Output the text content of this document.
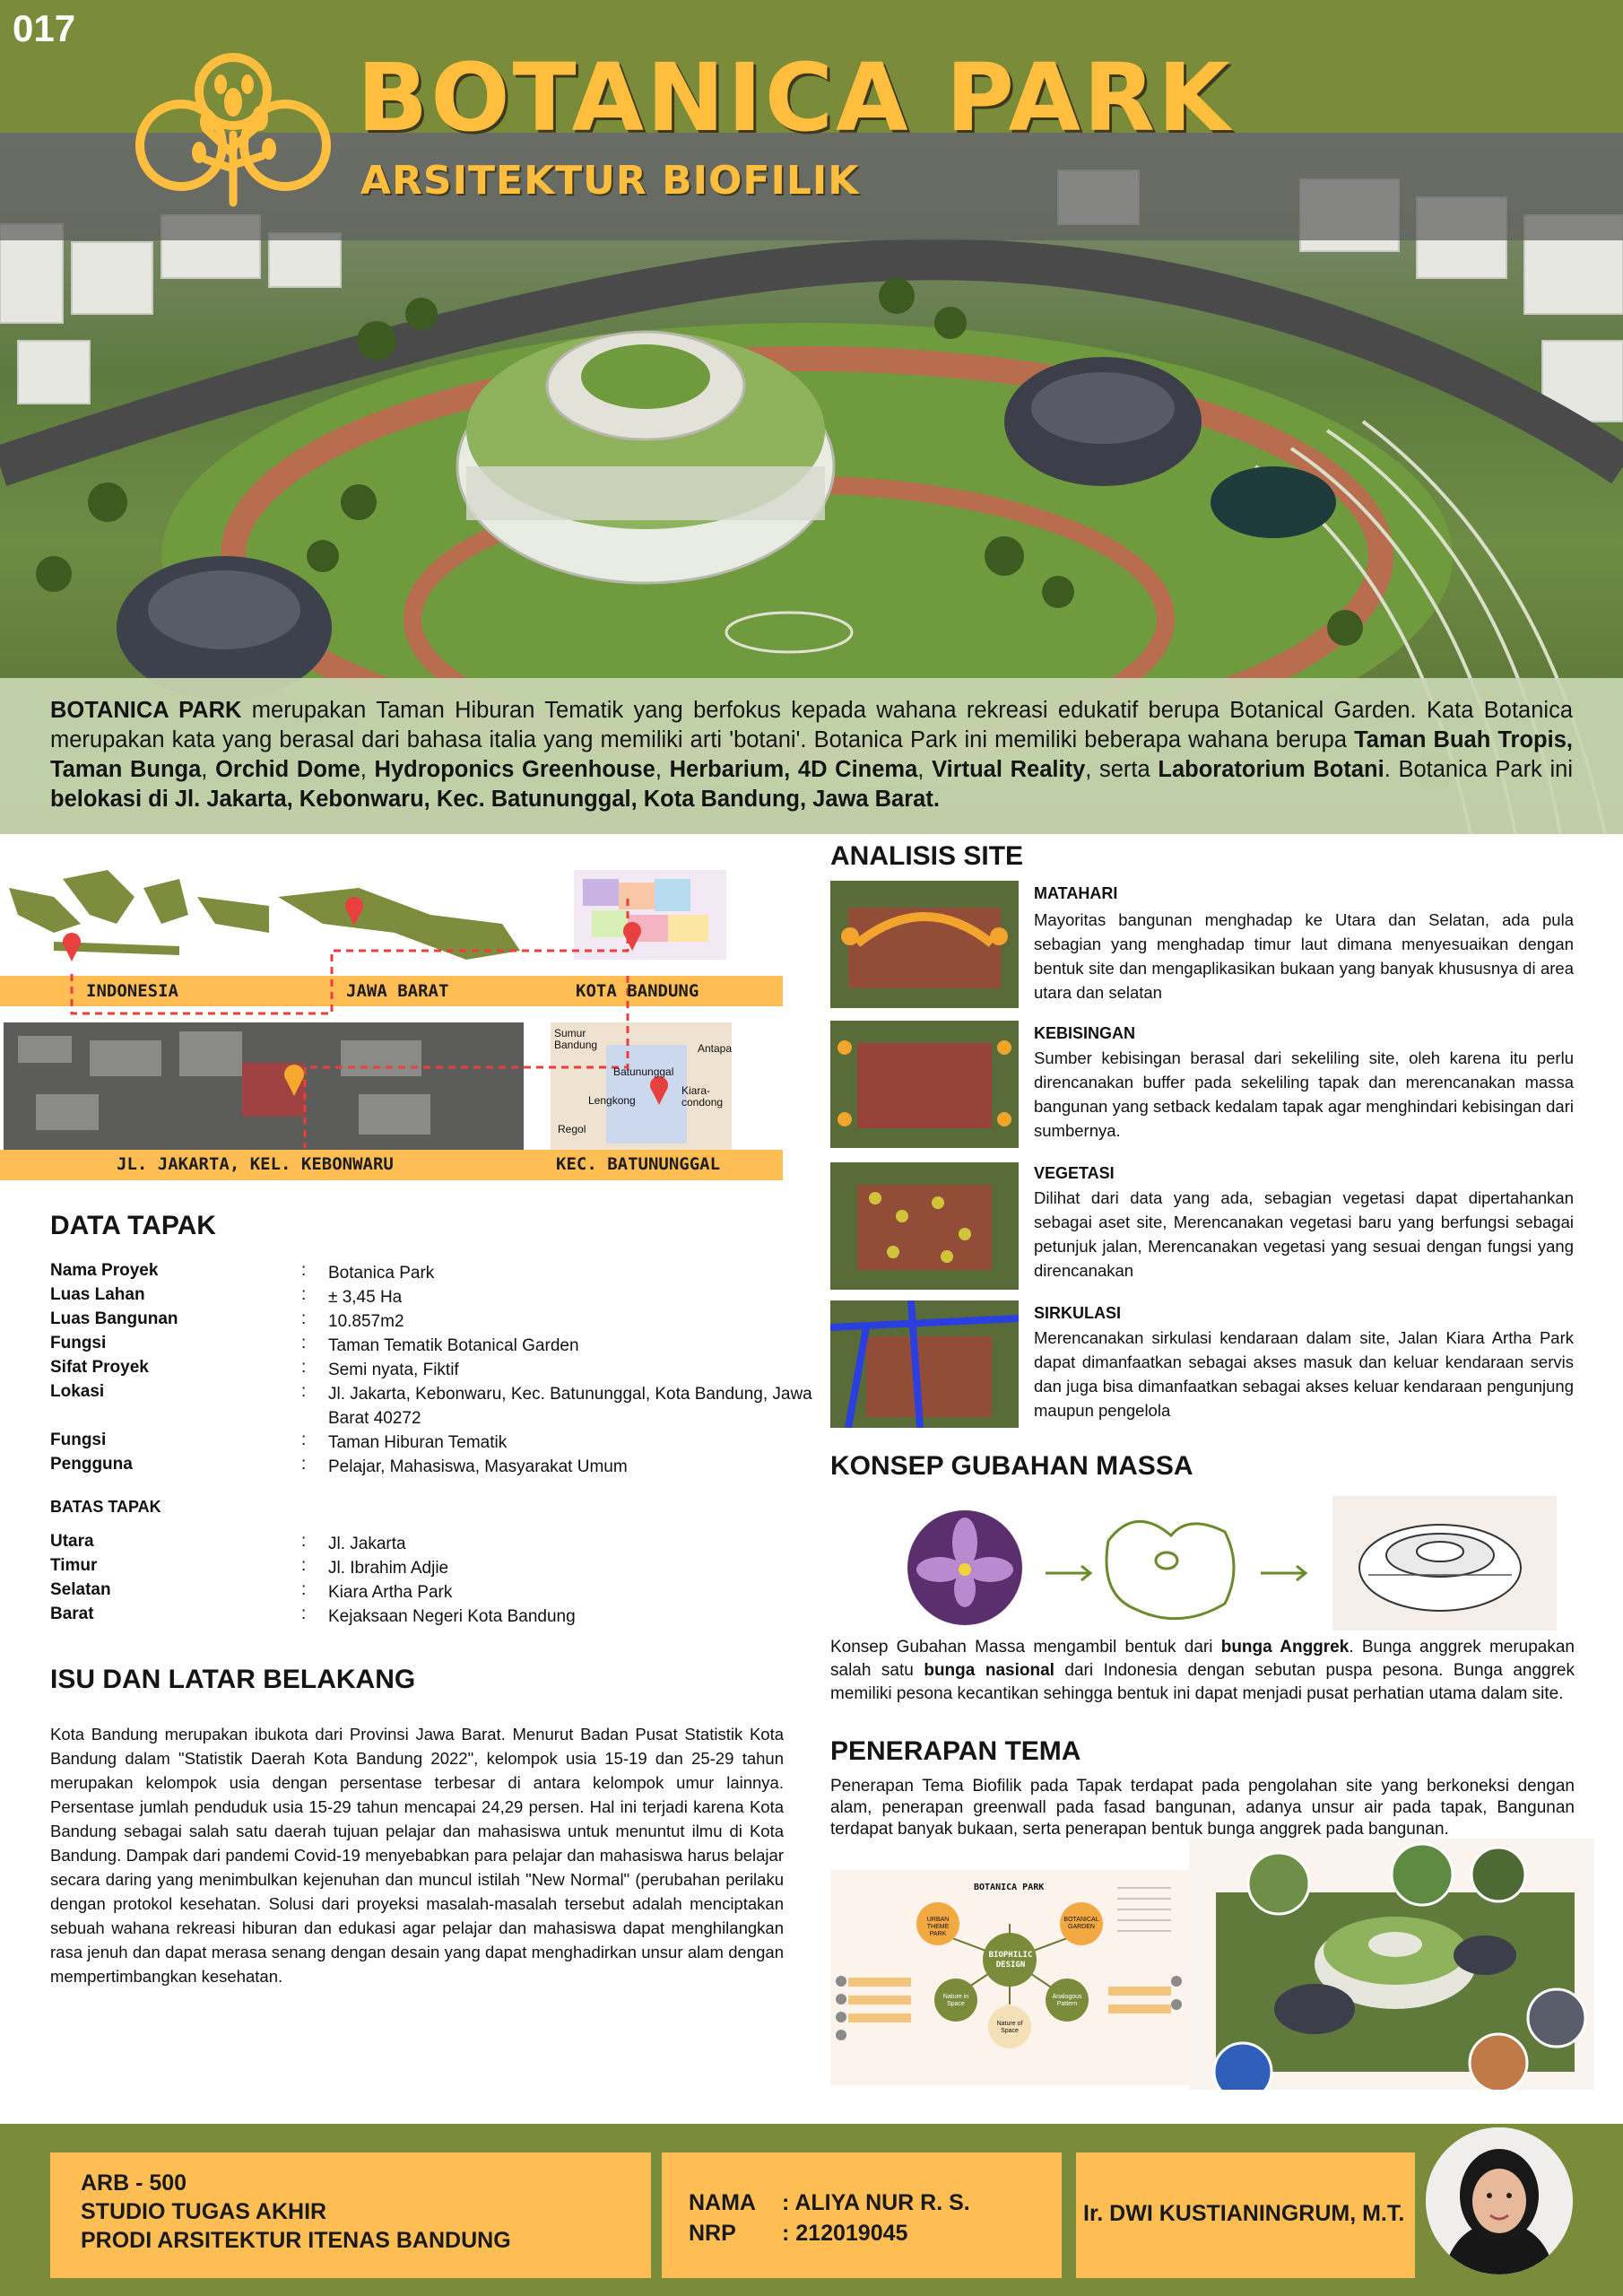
017
BOTANICA PARK
ARSITEKTUR BIOFILIK
BOTANICA PARK merupakan Taman Hiburan Tematik yang berfokus kepada wahana rekreasi edukatif berupa Botanical Garden. Kata Botanica merupakan kata yang berasal dari bahasa italia yang memiliki arti 'botani'. Botanica Park ini memiliki beberapa wahana berupa Taman Buah Tropis, Taman Bunga, Orchid Dome, Hydroponics Greenhouse, Herbarium, 4D Cinema, Virtual Reality, serta Laboratorium Botani. Botanica Park ini belokasi di Jl. Jakarta, Kebonwaru, Kec. Batununggal, Kota Bandung, Jawa Barat.
INDONESIA	JAWA BARAT	KOTA BANDUNG
JL. JAKARTA, KEL. KEBONWARU	KEC. BATUNUNGGAL
Sumur Bandung	Antapa
Batununggal
Lengkong
Kiara-condong
Regol
DATA TAPAK
Nama Proyek	: Botanica Park
Luas Lahan	: ± 3,45 Ha
Luas Bangunan	: 10.857m2
Fungsi	: Taman Tematik Botanical Garden
Sifat Proyek	: Semi nyata, Fiktif
Lokasi	: Jl. Jakarta, Kebonwaru, Kec. Batununggal, Kota Bandung, Jawa Barat 40272
Fungsi	: Taman Hiburan Tematik
Pengguna	: Pelajar, Mahasiswa, Masyarakat Umum
BATAS TAPAK
Utara	: Jl. Jakarta
Timur	: Jl. Ibrahim Adjie
Selatan	: Kiara Artha Park
Barat	: Kejaksaan Negeri Kota Bandung
ISU DAN LATAR BELAKANG
Kota Bandung merupakan ibukota dari Provinsi Jawa Barat. Menurut Badan Pusat Statistik Kota Bandung dalam "Statistik Daerah Kota Bandung 2022", kelompok usia 15-19 dan 25-29 tahun merupakan kelompok usia dengan persentase terbesar di antara kelompok umur lainnya. Persentase jumlah penduduk usia 15-29 tahun mencapai 24,29 persen. Hal ini terjadi karena Kota Bandung sebagai salah satu daerah tujuan pelajar dan mahasiswa untuk menuntut ilmu di Kota Bandung. Dampak dari pandemi Covid-19 menyebabkan para pelajar dan mahasiswa harus belajar secara daring yang menimbulkan kejenuhan dan muncul istilah "New Normal" (perubahan perilaku dengan protokol kesehatan. Solusi dari proyeksi masalah-masalah tersebut adalah menciptakan sebuah wahana rekreasi hiburan dan edukasi agar pelajar dan mahasiswa dapat menghilangkan rasa jenuh dan dapat merasa senang dengan desain yang dapat menghadirkan unsur alam dengan mempertimbangkan kesehatan.
ANALISIS SITE
MATAHARI
Mayoritas bangunan menghadap ke Utara dan Selatan, ada pula sebagian yang menghadap timur laut dimana menyesuaikan dengan bentuk site dan mengaplikasikan bukaan yang banyak khususnya di area utara dan selatan
KEBISINGAN
Sumber kebisingan berasal dari sekeliling site, oleh karena itu perlu direncanakan buffer pada sekeliling tapak dan merencanakan massa bangunan yang setback kedalam tapak agar menghindari kebisingan dari sumbernya.
VEGETASI
Dilihat dari data yang ada, sebagian vegetasi dapat dipertahankan sebagai aset site, Merencanakan vegetasi baru yang berfungsi sebagai petunjuk jalan, Merencanakan vegetasi yang sesuai dengan fungsi yang direncanakan
SIRKULASI
Merencanakan sirkulasi kendaraan dalam site, Jalan Kiara Artha Park dapat dimanfaatkan sebagai akses masuk dan keluar kendaraan servis dan juga bisa dimanfaatkan sebagai akses keluar kendaraan pengunjung maupun pengelola
KONSEP GUBAHAN MASSA
Konsep Gubahan Massa mengambil bentuk dari bunga Anggrek. Bunga anggrek merupakan salah satu bunga nasional dari Indonesia dengan sebutan puspa pesona. Bunga anggrek memiliki pesona kecantikan sehingga bentuk ini dapat menjadi pusat perhatian utama dalam site.
PENERAPAN TEMA
Penerapan Tema Biofilik pada Tapak terdapat pada pengolahan site yang berkoneksi dengan alam, penerapan greenwall pada fasad bangunan, adanya unsur air pada tapak, Bangunan terdapat banyak bukaan, serta penerapan bentuk bunga anggrek pada bangunan.
BOTANICA PARK
BIOPHILIC DESIGN
URBAN THEME PARK
BOTANICAL GARDEN
Nature in Space
Analogous Pattern
Nature of Space
ARB - 500
STUDIO TUGAS AKHIR
PRODI ARSITEKTUR ITENAS BANDUNG
NAMA : ALIYA NUR R. S.
NRP : 212019045
Ir. DWI KUSTIANINGRUM, M.T.
